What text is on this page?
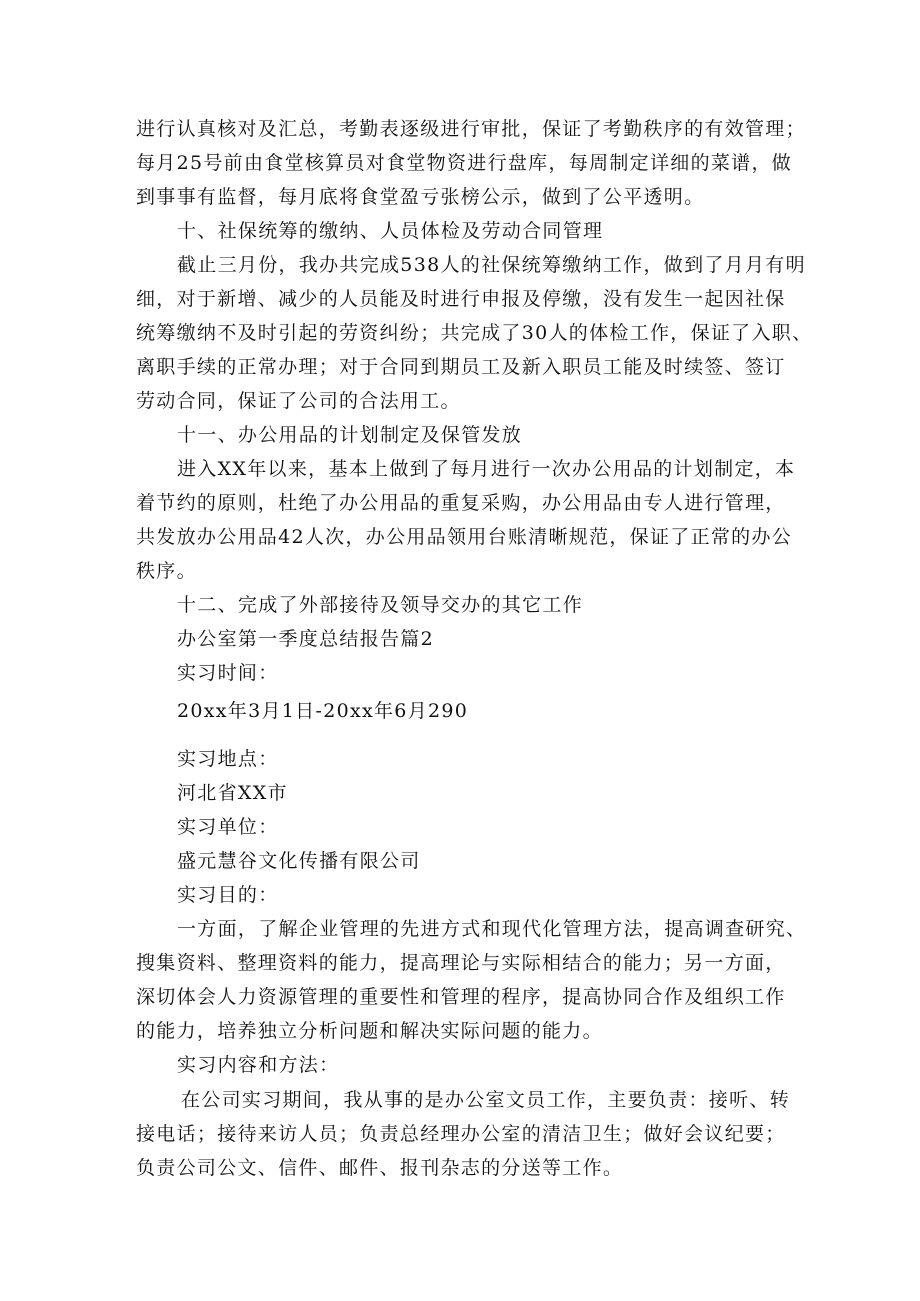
进行认真核对及汇总，考勤表逐级进行审批，保证了考勤秩序的有效管理；
每月25号前由食堂核算员对食堂物资进行盘库，每周制定详细的菜谱，做
到事事有监督，每月底将食堂盈亏张榜公示，做到了公平透明。
十、社保统筹的缴纳、人员体检及劳动合同管理
截止三月份，我办共完成538人的社保统筹缴纳工作，做到了月月有明
细，对于新增、减少的人员能及时进行申报及停缴，没有发生一起因社保
统筹缴纳不及时引起的劳资纠纷；共完成了30人的体检工作，保证了入职、
离职手续的正常办理；对于合同到期员工及新入职员工能及时续签、签订
劳动合同，保证了公司的合法用工。
十一、办公用品的计划制定及保管发放
进入XX年以来，基本上做到了每月进行一次办公用品的计划制定，本
着节约的原则，杜绝了办公用品的重复采购，办公用品由专人进行管理，
共发放办公用品42人次，办公用品领用台账清晰规范，保证了正常的办公
秩序。
十二、完成了外部接待及领导交办的其它工作
办公室第一季度总结报告篇2
实习时间：
20xx年3月1日-20xx年6月290
实习地点：
河北省XX市
实习单位：
盛元慧谷文化传播有限公司
实习目的：
一方面，了解企业管理的先进方式和现代化管理方法，提高调查研究、
搜集资料、整理资料的能力，提高理论与实际相结合的能力；另一方面，
深切体会人力资源管理的重要性和管理的程序，提高协同合作及组织工作
的能力，培养独立分析问题和解决实际问题的能力。
实习内容和方法：
在公司实习期间，我从事的是办公室文员工作，主要负责：接听、转
接电话；接待来访人员；负责总经理办公室的清洁卫生；做好会议纪要；
负责公司公文、信件、邮件、报刊杂志的分送等工作。
